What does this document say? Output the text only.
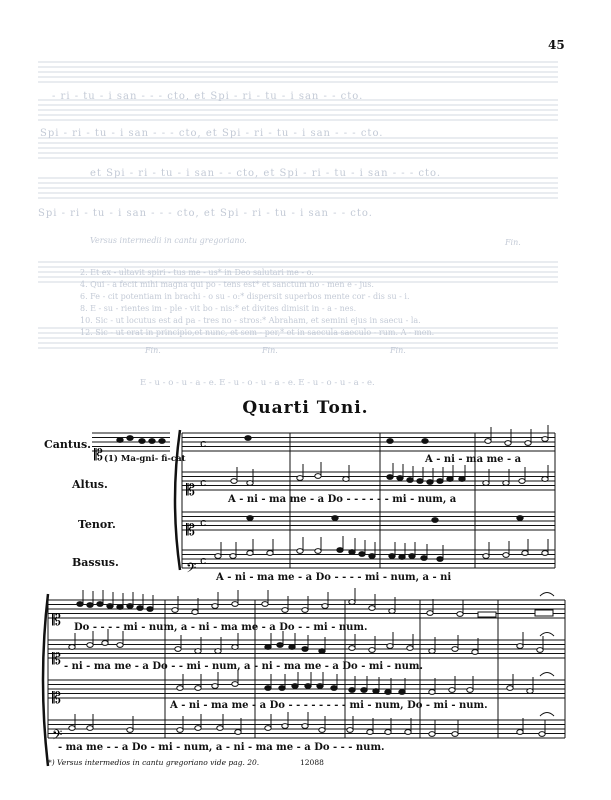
45
- ri - tu - i san - - - cto, et Spi - ri - tu - i san - - cto.
Spi - ri - tu - i san - - - cto, et Spi - ri - tu - i san - - - cto.
et Spi - ri - tu - i san - - cto, et Spi - ri - tu - i san - - - cto.
Spi - ri - tu - i san - - - cto, et Spi - ri - tu - i san - - cto.
Versus intermedii in cantu gregoriano.	Fin.
2. Et ex - ultavit spiri - tus me - us* in Deo salutari me - o.
4. Qui - a fecit mihi magna qui po - tens est* et sanctum no - men e - jus.
6. Fe - cit potentiam in brachi - o su - o:* dispersit superbos mente cor - dis su - i.
8. E - su - rientes im - ple - vit bo - nis:* et divites dimisit in - a - nes.
10. Sic - ut locutus est ad pa - tres no - stros:* Abraham, et semini ejus in saecu - la.
12. Sic - ut erat in principio,et nunc, et sem - per,* et in saecula saeculo - rum. A - men.
Fin.	Fin.	Fin.
E - u - o - u - a - e. E - u - o - u - a - e. E - u - o - u - a - e.
Quarti Toni.
Cantus.
Altus.
Tenor.
Bassus.
c
c
c
c
𝄡
𝄡
𝄡
𝄢
𝄡
𝄡
𝄡
𝄢
(1) Ma-gni- fi-cat	A - ni - ma me - a
A - ni - ma me - a Do - - - - - - mi - num, a
A - ni - ma me - a Do - - - - mi - num, a - ni
Do - - - - mi - num, a - ni - ma me - a Do - - mi - num.
- ni - ma me - a Do - - mi - num, a - ni - ma me - a Do - mi - num.
A - ni - ma me - a Do - - - - - - - - mi - num, Do - mi - num.
- ma me - - a Do - mi - num, a - ni - ma me - a Do - - - num.
*) Versus intermedios in cantu gregoriano vide pag. 20.	12088
